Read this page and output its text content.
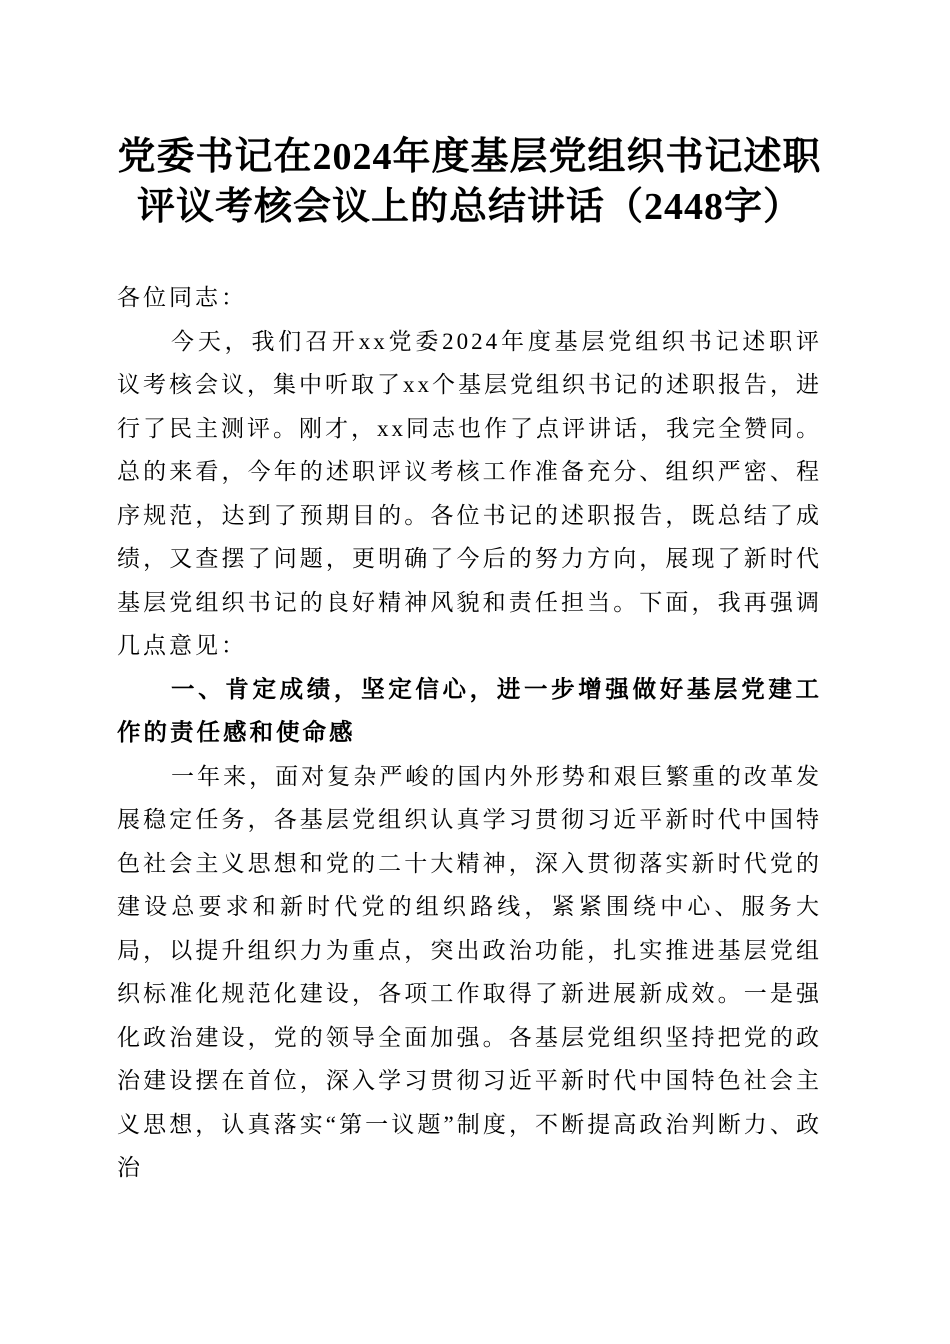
党委书记在2024年度基层党组织书记述职评议考核会议上的总结讲话（2448字）

各位同志：

今天，我们召开xx党委2024年度基层党组织书记述职评议考核会议，集中听取了xx个基层党组织书记的述职报告，进行了民主测评。刚才，xx同志也作了点评讲话，我完全赞同。总的来看，今年的述职评议考核工作准备充分、组织严密、程序规范，达到了预期目的。各位书记的述职报告，既总结了成绩，又查摆了问题，更明确了今后的努力方向，展现了新时代基层党组织书记的良好精神风貌和责任担当。下面，我再强调几点意见：

一、肯定成绩，坚定信心，进一步增强做好基层党建工作的责任感和使命感

一年来，面对复杂严峻的国内外形势和艰巨繁重的改革发展稳定任务，各基层党组织认真学习贯彻习近平新时代中国特色社会主义思想和党的二十大精神，深入贯彻落实新时代党的建设总要求和新时代党的组织路线，紧紧围绕中心、服务大局，以提升组织力为重点，突出政治功能，扎实推进基层党组织标准化规范化建设，各项工作取得了新进展新成效。一是强化政治建设，党的领导全面加强。各基层党组织坚持把党的政治建设摆在首位，深入学习贯彻习近平新时代中国特色社会主义思想，认真落实“第一议题”制度，不断提高政治判断力、政治
